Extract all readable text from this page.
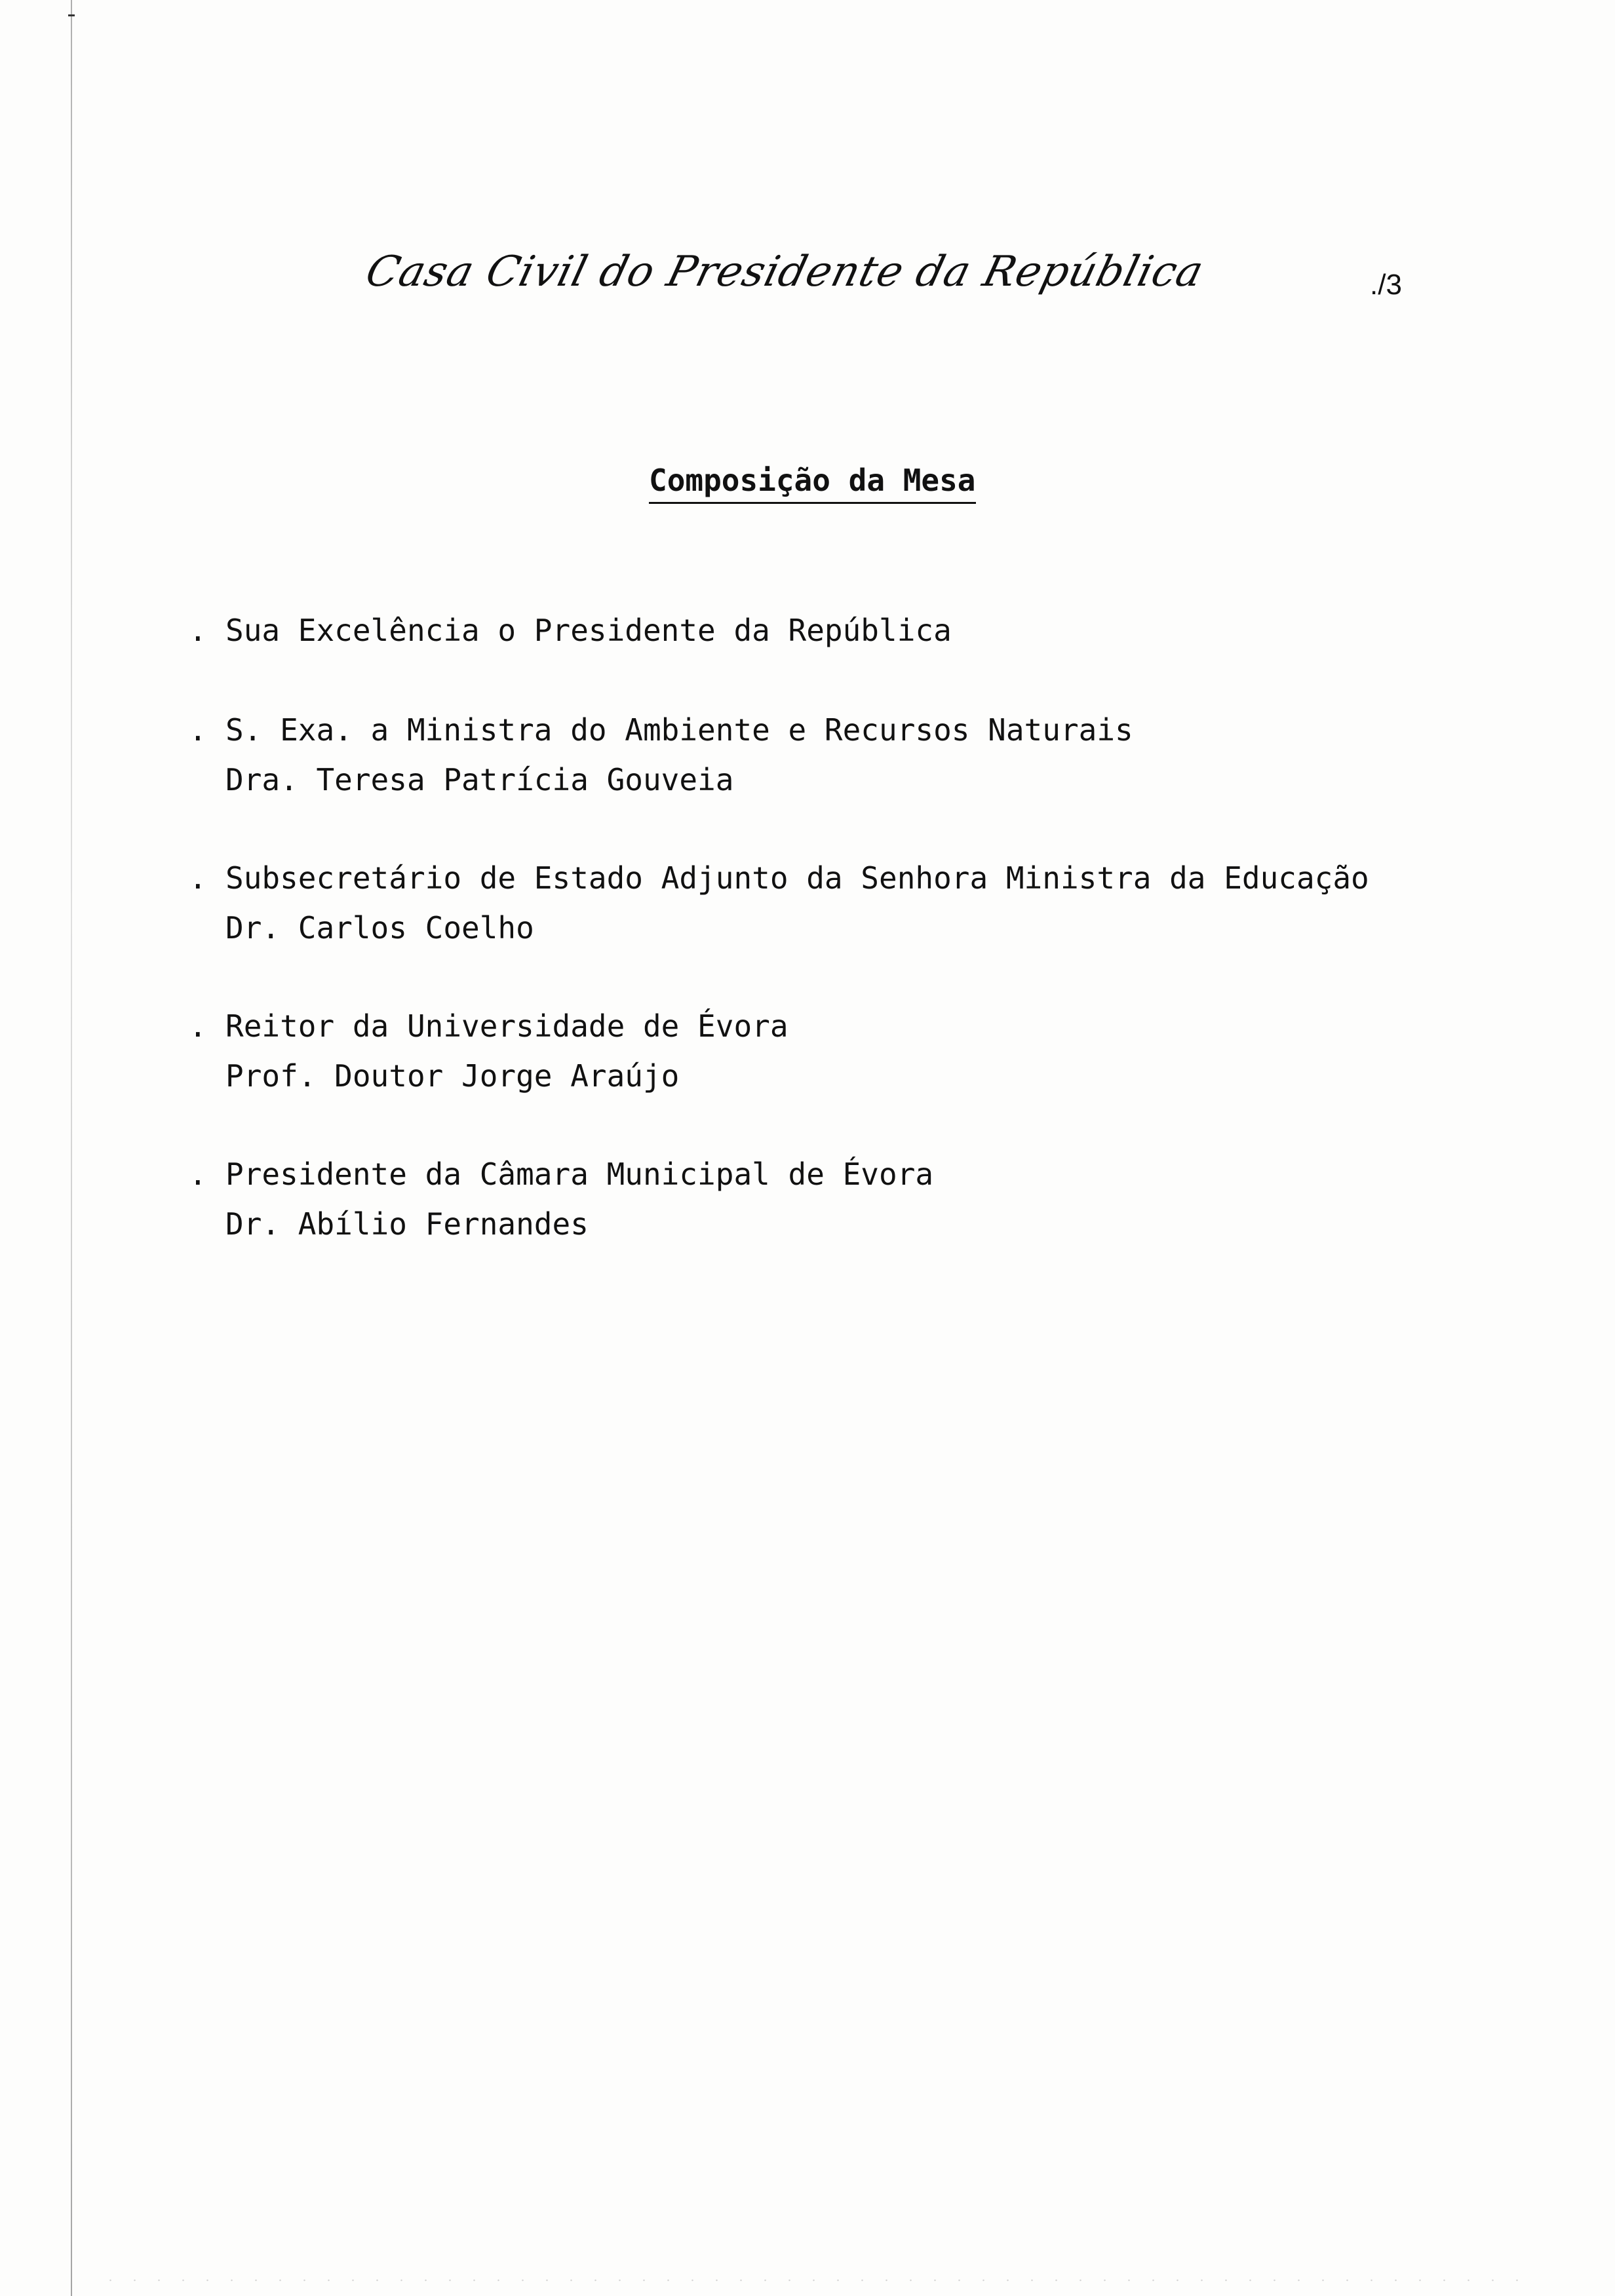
Casa Civil do Presidente da República	./3
Composição da Mesa
. Sua Excelência o Presidente da República
. S. Exa. a Ministra do Ambiente e Recursos Naturais
Dra. Teresa Patrícia Gouveia
. Subsecretário de Estado Adjunto da Senhora Ministra da Educação
Dr. Carlos Coelho
. Reitor da Universidade de Évora
Prof. Doutor Jorge Araújo
. Presidente da Câmara Municipal de Évora
Dr. Abílio Fernandes
